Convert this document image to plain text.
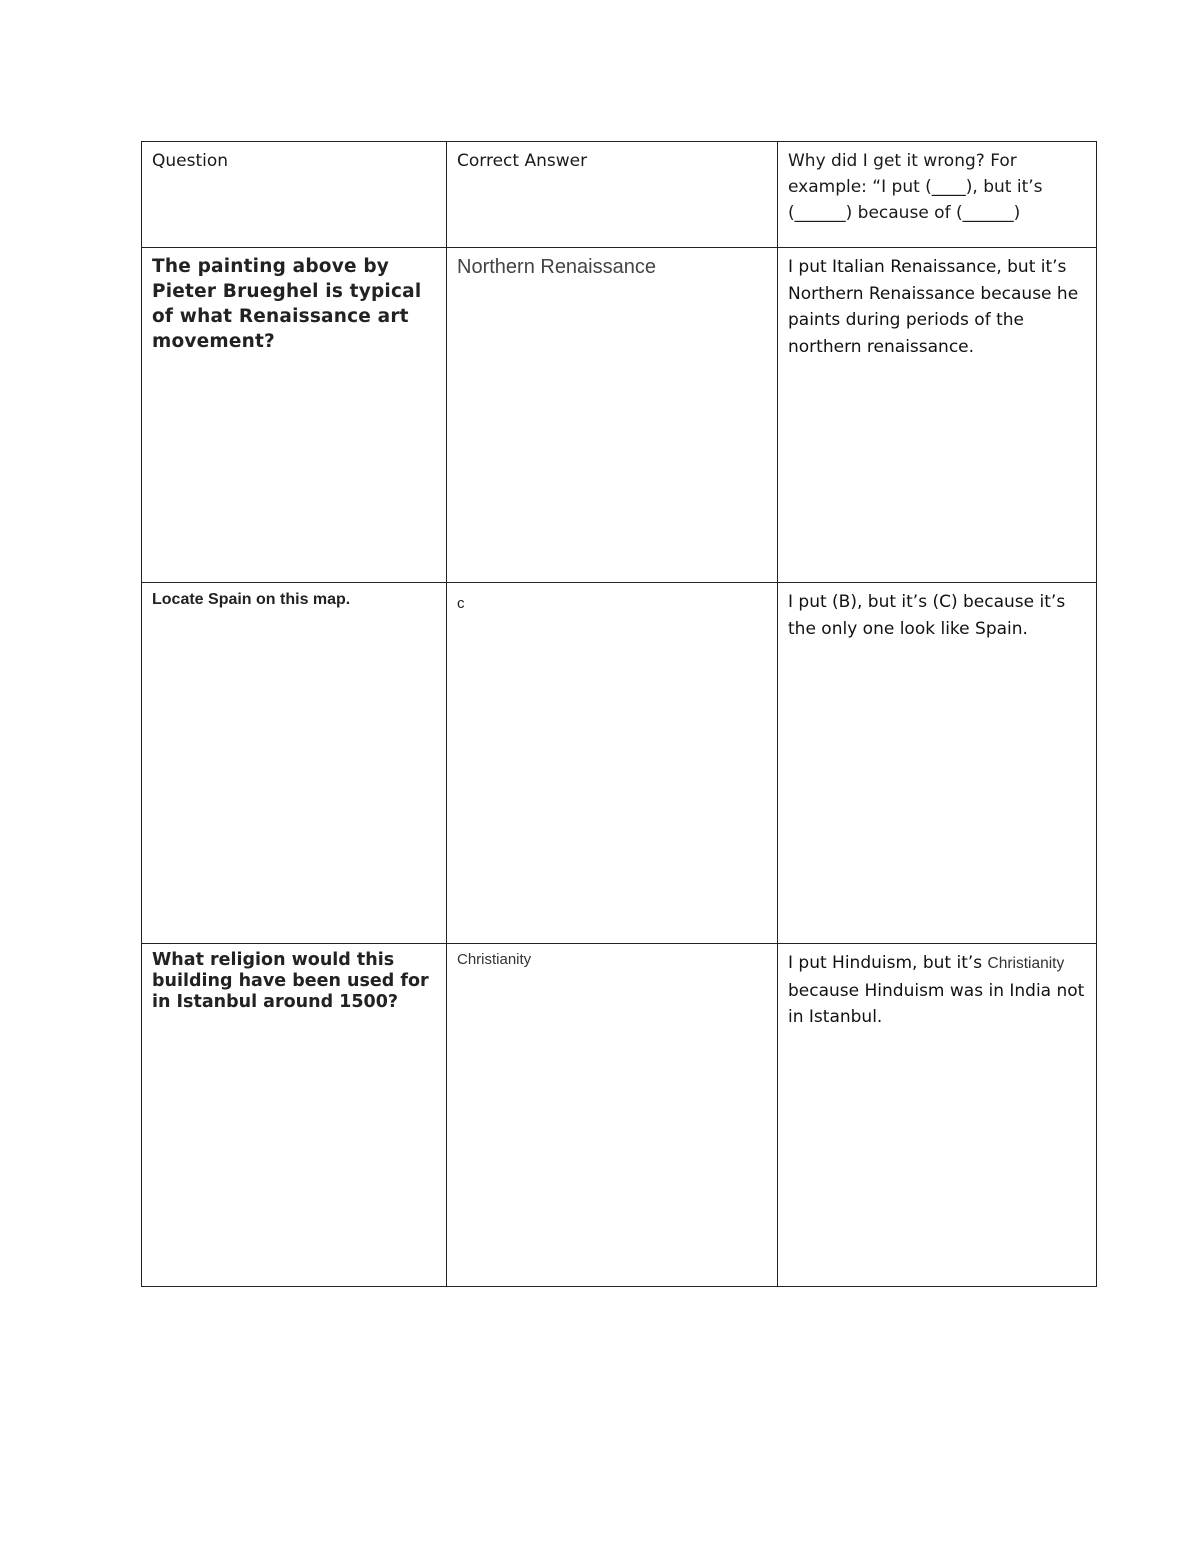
Question	Correct Answer	Why did I get it wrong? For example: “I put (____), but it’s (______) because of (______)

The painting above by Pieter Brueghel is typical of what Renaissance art movement?	Northern Renaissance	I put Italian Renaissance, but it’s Northern Renaissance because he paints during periods of the northern renaissance.

Locate Spain on this map.	c	I put (B), but it’s (C) because it’s the only one look like Spain.

What religion would this building have been used for in Istanbul around 1500?	Christianity	I put Hinduism, but it’s Christianity because Hinduism was in India not in Istanbul.
